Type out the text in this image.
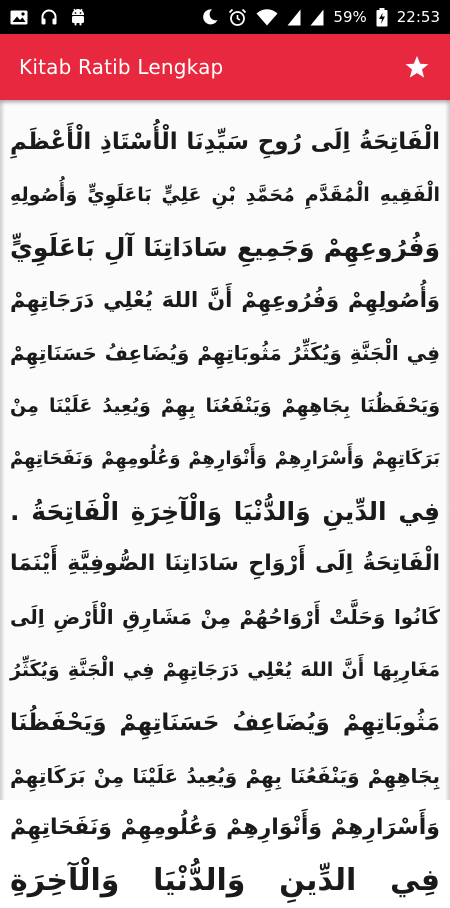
59% 22:53
Kitab Ratib Lengkap
الْفَاتِحَةُ اِلَى رُوحِ سَيِّدِنَا الْأُسْتَاذِ الْأَعْظَمِ
الْفَقِيهِ الْمُقَدَّمِ مُحَمَّدِ بْنِ عَلِيٍّ بَاعَلَوِيٍّ وَأُصُولِهِ
وَفُرُوعِهِمْ وَجَمِيعِ سَادَاتِنَا آلِ بَاعَلَوِيٍّ
وَأُصُولِهِمْ وَفُرُوعِهِمْ أَنَّ اللهَ يُعْلِي دَرَجَاتِهِمْ
فِي الْجَنَّةِ وَيُكَثِّرُ مَثُوبَاتِهِمْ وَيُضَاعِفُ حَسَنَاتِهِمْ
وَيَحْفَظُنَا بِجَاهِهِمْ وَيَنْفَعُنَا بِهِمْ وَيُعِيدُ عَلَيْنَا مِنْ
بَرَكَاتِهِمْ وَأَسْرَارِهِمْ وَأَنْوَارِهِمْ وَعُلُومِهِمْ وَنَفَحَاتِهِمْ
فِي الدِّينِ وَالدُّنْيَا وَالْآخِرَةِ الْفَاتِحَةُ .
الْفَاتِحَةُ اِلَى أَرْوَاحِ سَادَاتِنَا الصُّوفِيَّةِ أَيْنَمَا
كَانُوا وَحَلَّتْ أَرْوَاحُهُمْ مِنْ مَشَارِقِ الْأَرْضِ اِلَى
مَغَارِبِهَا أَنَّ اللهَ يُعْلِي دَرَجَاتِهِمْ فِي الْجَنَّةِ وَيُكَثِّرُ
مَثُوبَاتِهِمْ وَيُضَاعِفُ حَسَنَاتِهِمْ وَيَحْفَظُنَا
بِجَاهِهِمْ وَيَنْفَعُنَا بِهِمْ وَيُعِيدُ عَلَيْنَا مِنْ بَرَكَاتِهِمْ
وَأَسْرَارِهِمْ وَأَنْوَارِهِمْ وَعُلُومِهِمْ وَنَفَحَاتِهِمْ
فِي الدِّينِ وَالدُّنْيَا وَالْآخِرَةِ
